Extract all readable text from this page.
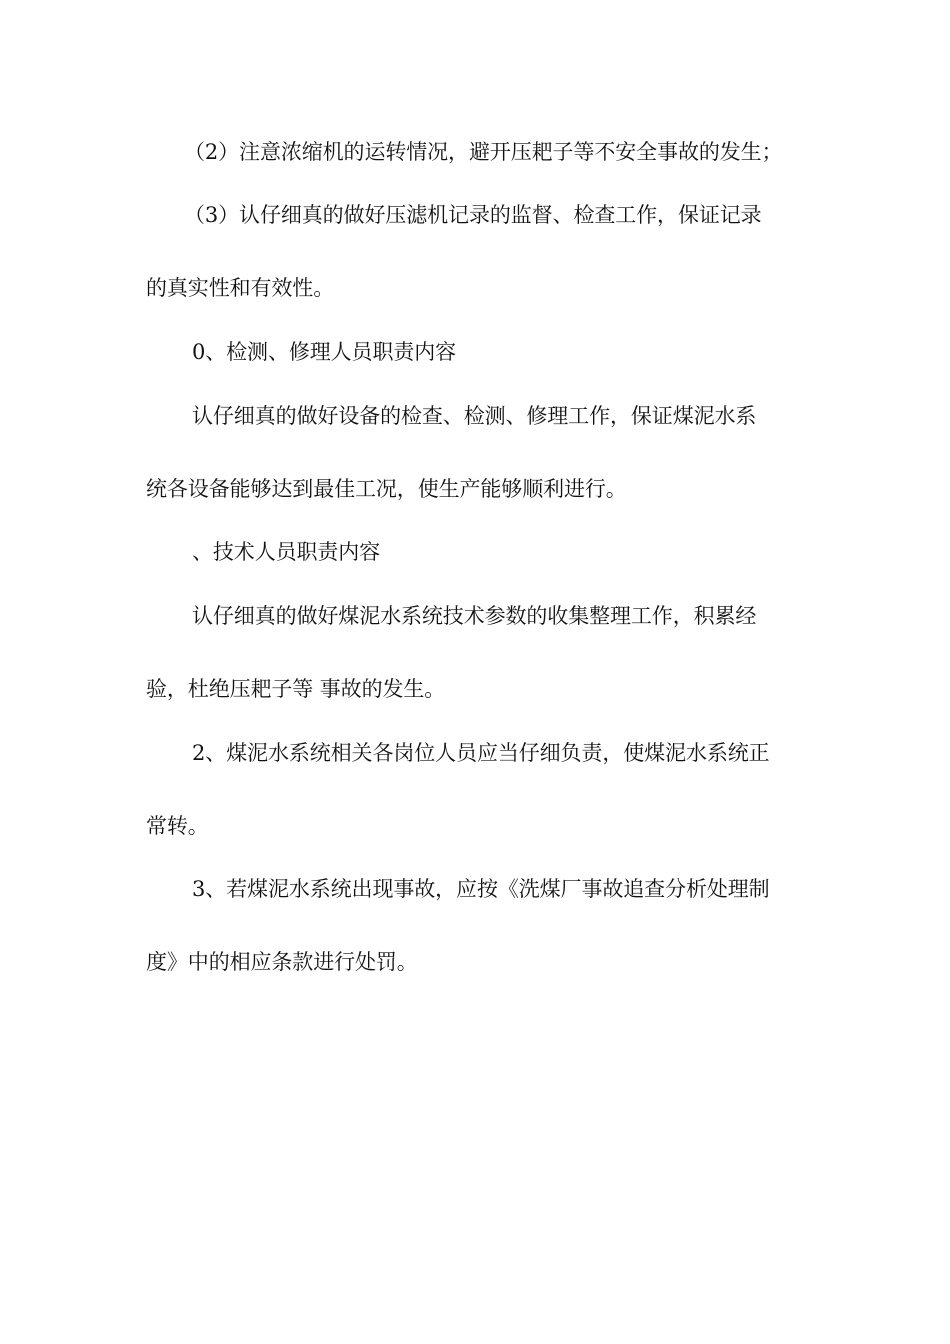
（2）注意浓缩机的运转情况，避开压耙子等不安全事故的发生；
（3）认仔细真的做好压滤机记录的监督、检查工作，保证记录
的真实性和有效性。
0、检测、修理人员职责内容
认仔细真的做好设备的检查、检测、修理工作，保证煤泥水系
统各设备能够达到最佳工况，使生产能够顺利进行。
、技术人员职责内容
认仔细真的做好煤泥水系统技术参数的收集整理工作，积累经
验，杜绝压耙子等 事故的发生。
2、煤泥水系统相关各岗位人员应当仔细负责，使煤泥水系统正
常转。
3、若煤泥水系统出现事故，应按《洗煤厂事故追查分析处理制
度》中的相应条款进行处罚。
